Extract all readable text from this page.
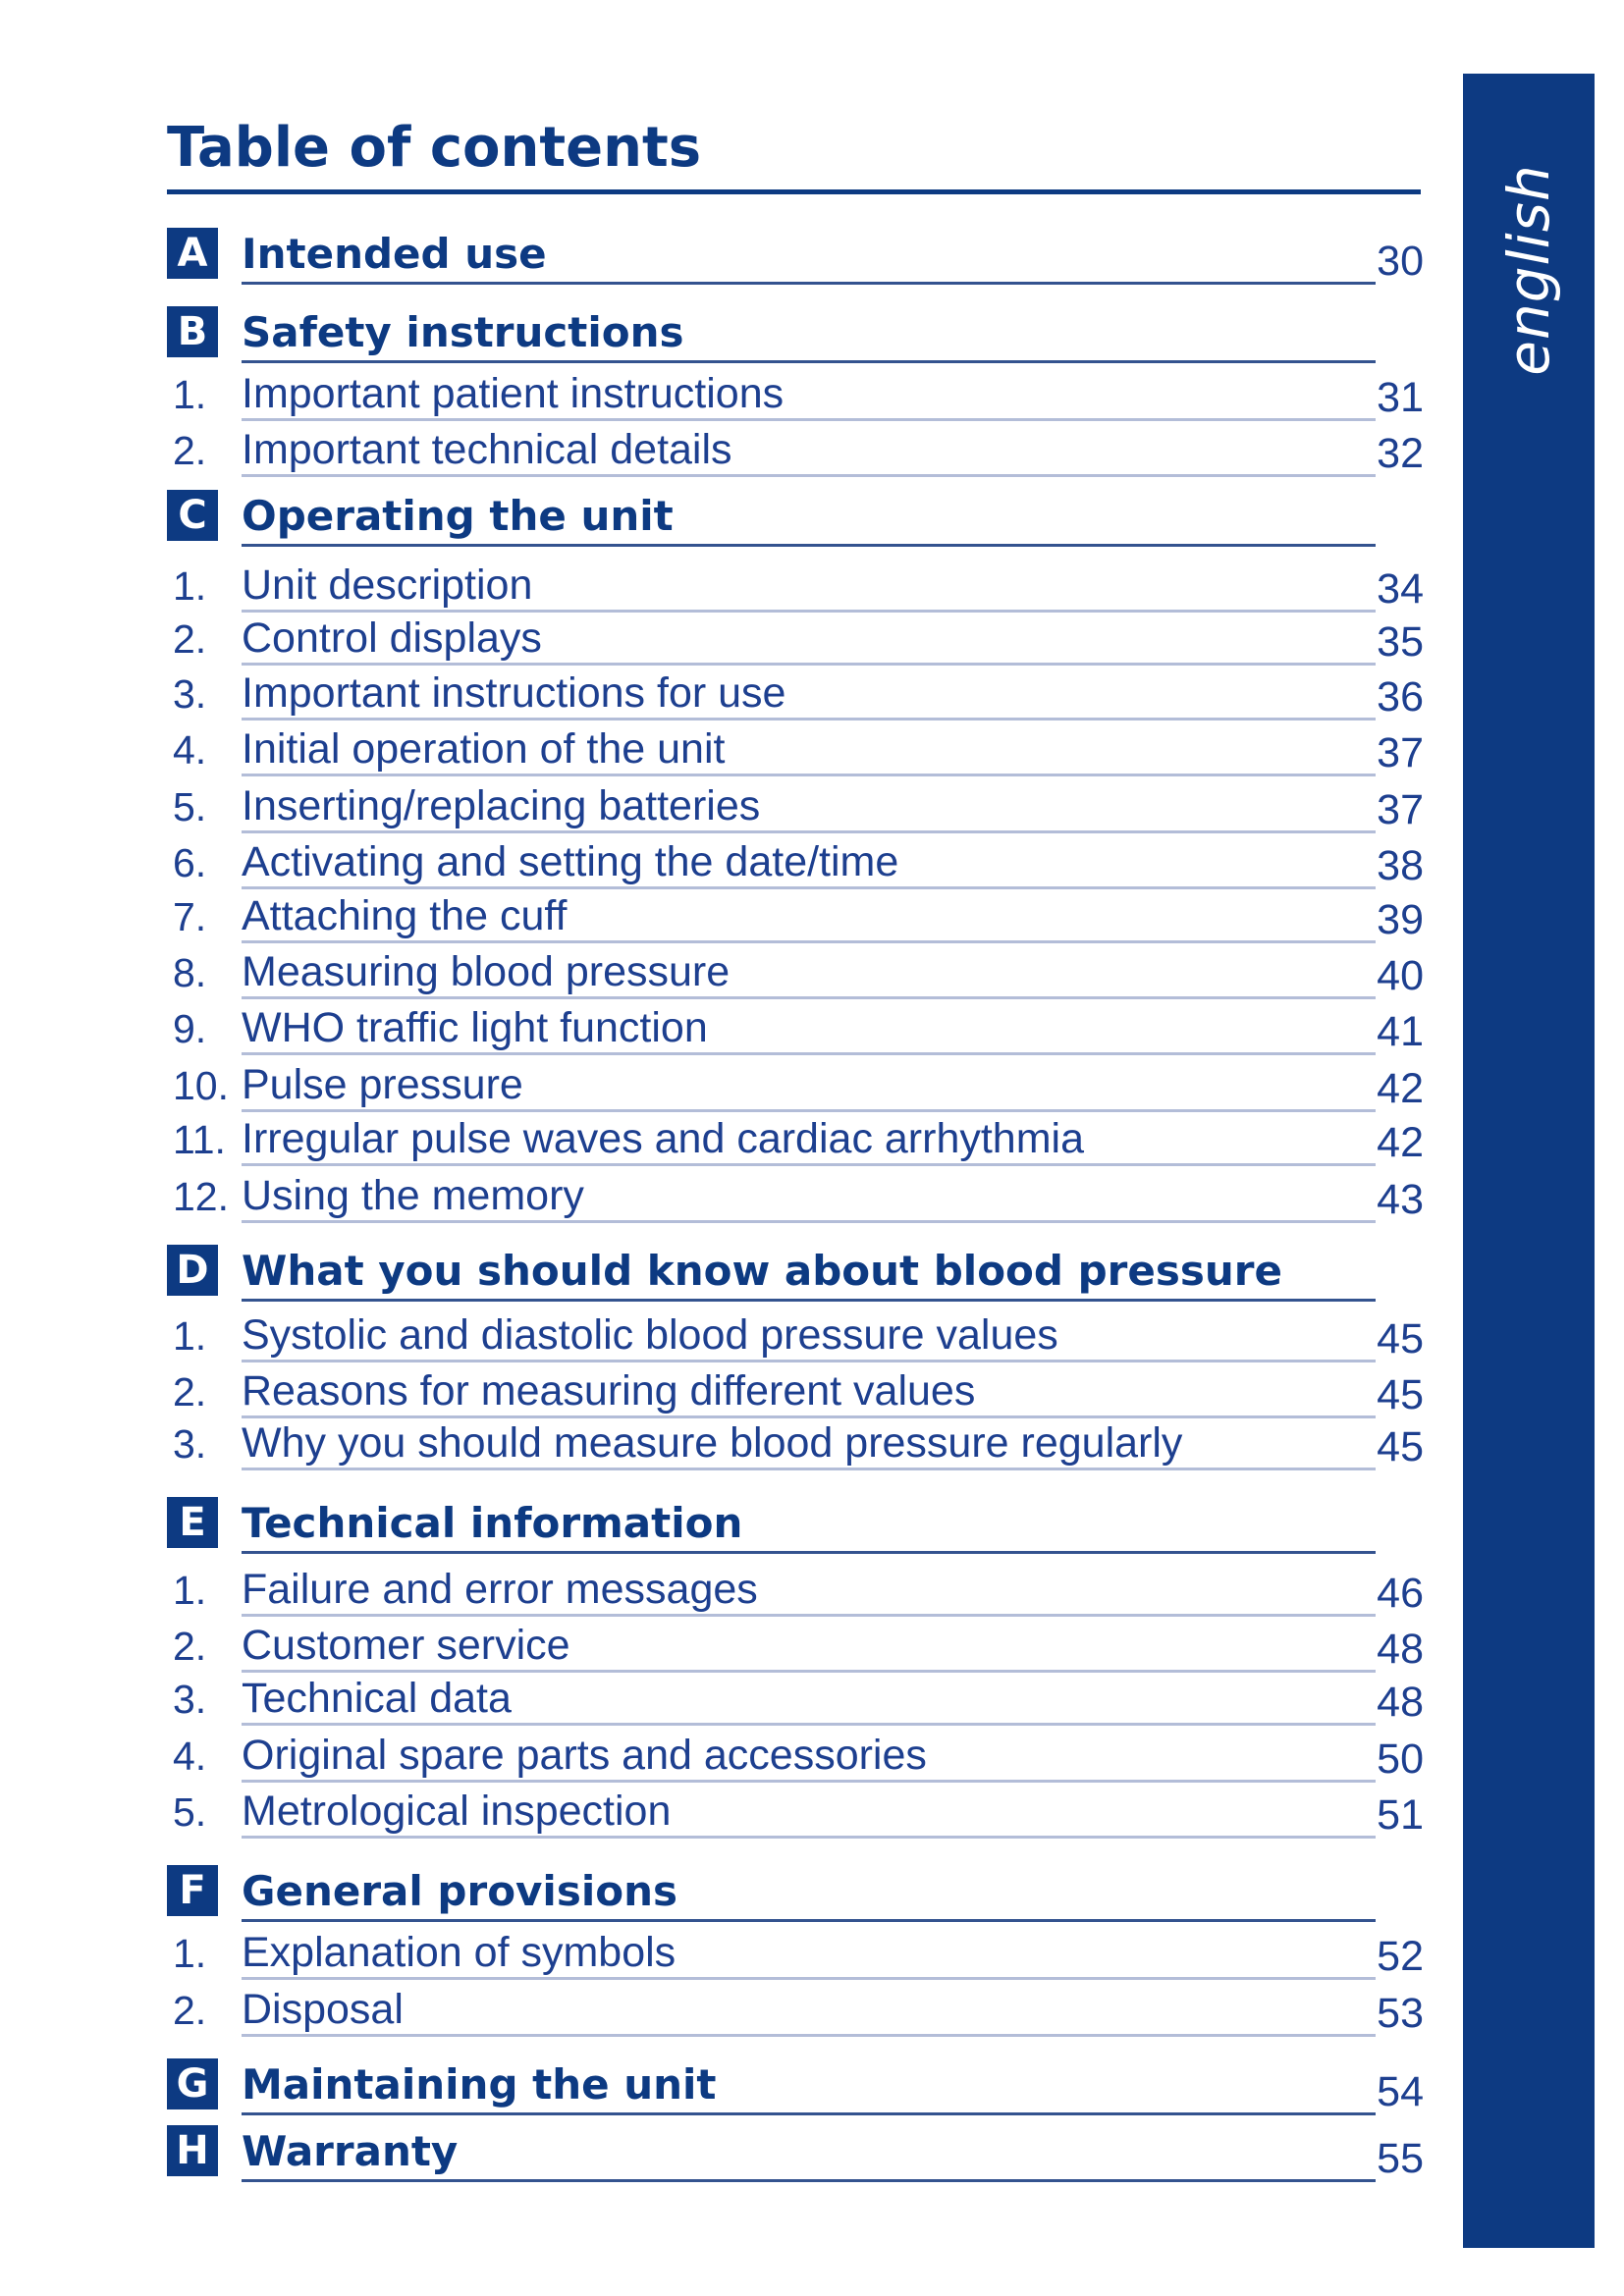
english
Table of contents
A Intended use	30
B Safety instructions
1. Important patient instructions	31
2. Important technical details	32
C Operating the unit
1. Unit description	34
2. Control displays	35
3. Important instructions for use	36
4. Initial operation of the unit	37
5. Inserting/replacing batteries	37
6. Activating and setting the date/time	38
7. Attaching the cuff	39
8. Measuring blood pressure	40
9. WHO traffic light function	41
10. Pulse pressure	42
11. Irregular pulse waves and cardiac arrhythmia	42
12. Using the memory	43
D What you should know about blood pressure
1. Systolic and diastolic blood pressure values	45
2. Reasons for measuring different values	45
3. Why you should measure blood pressure regularly	45
E Technical information
1. Failure and error messages	46
2. Customer service	48
3. Technical data	48
4. Original spare parts and accessories	50
5. Metrological inspection	51
F General provisions
1. Explanation of symbols	52
2. Disposal	53
G Maintaining the unit	54
H Warranty	55
